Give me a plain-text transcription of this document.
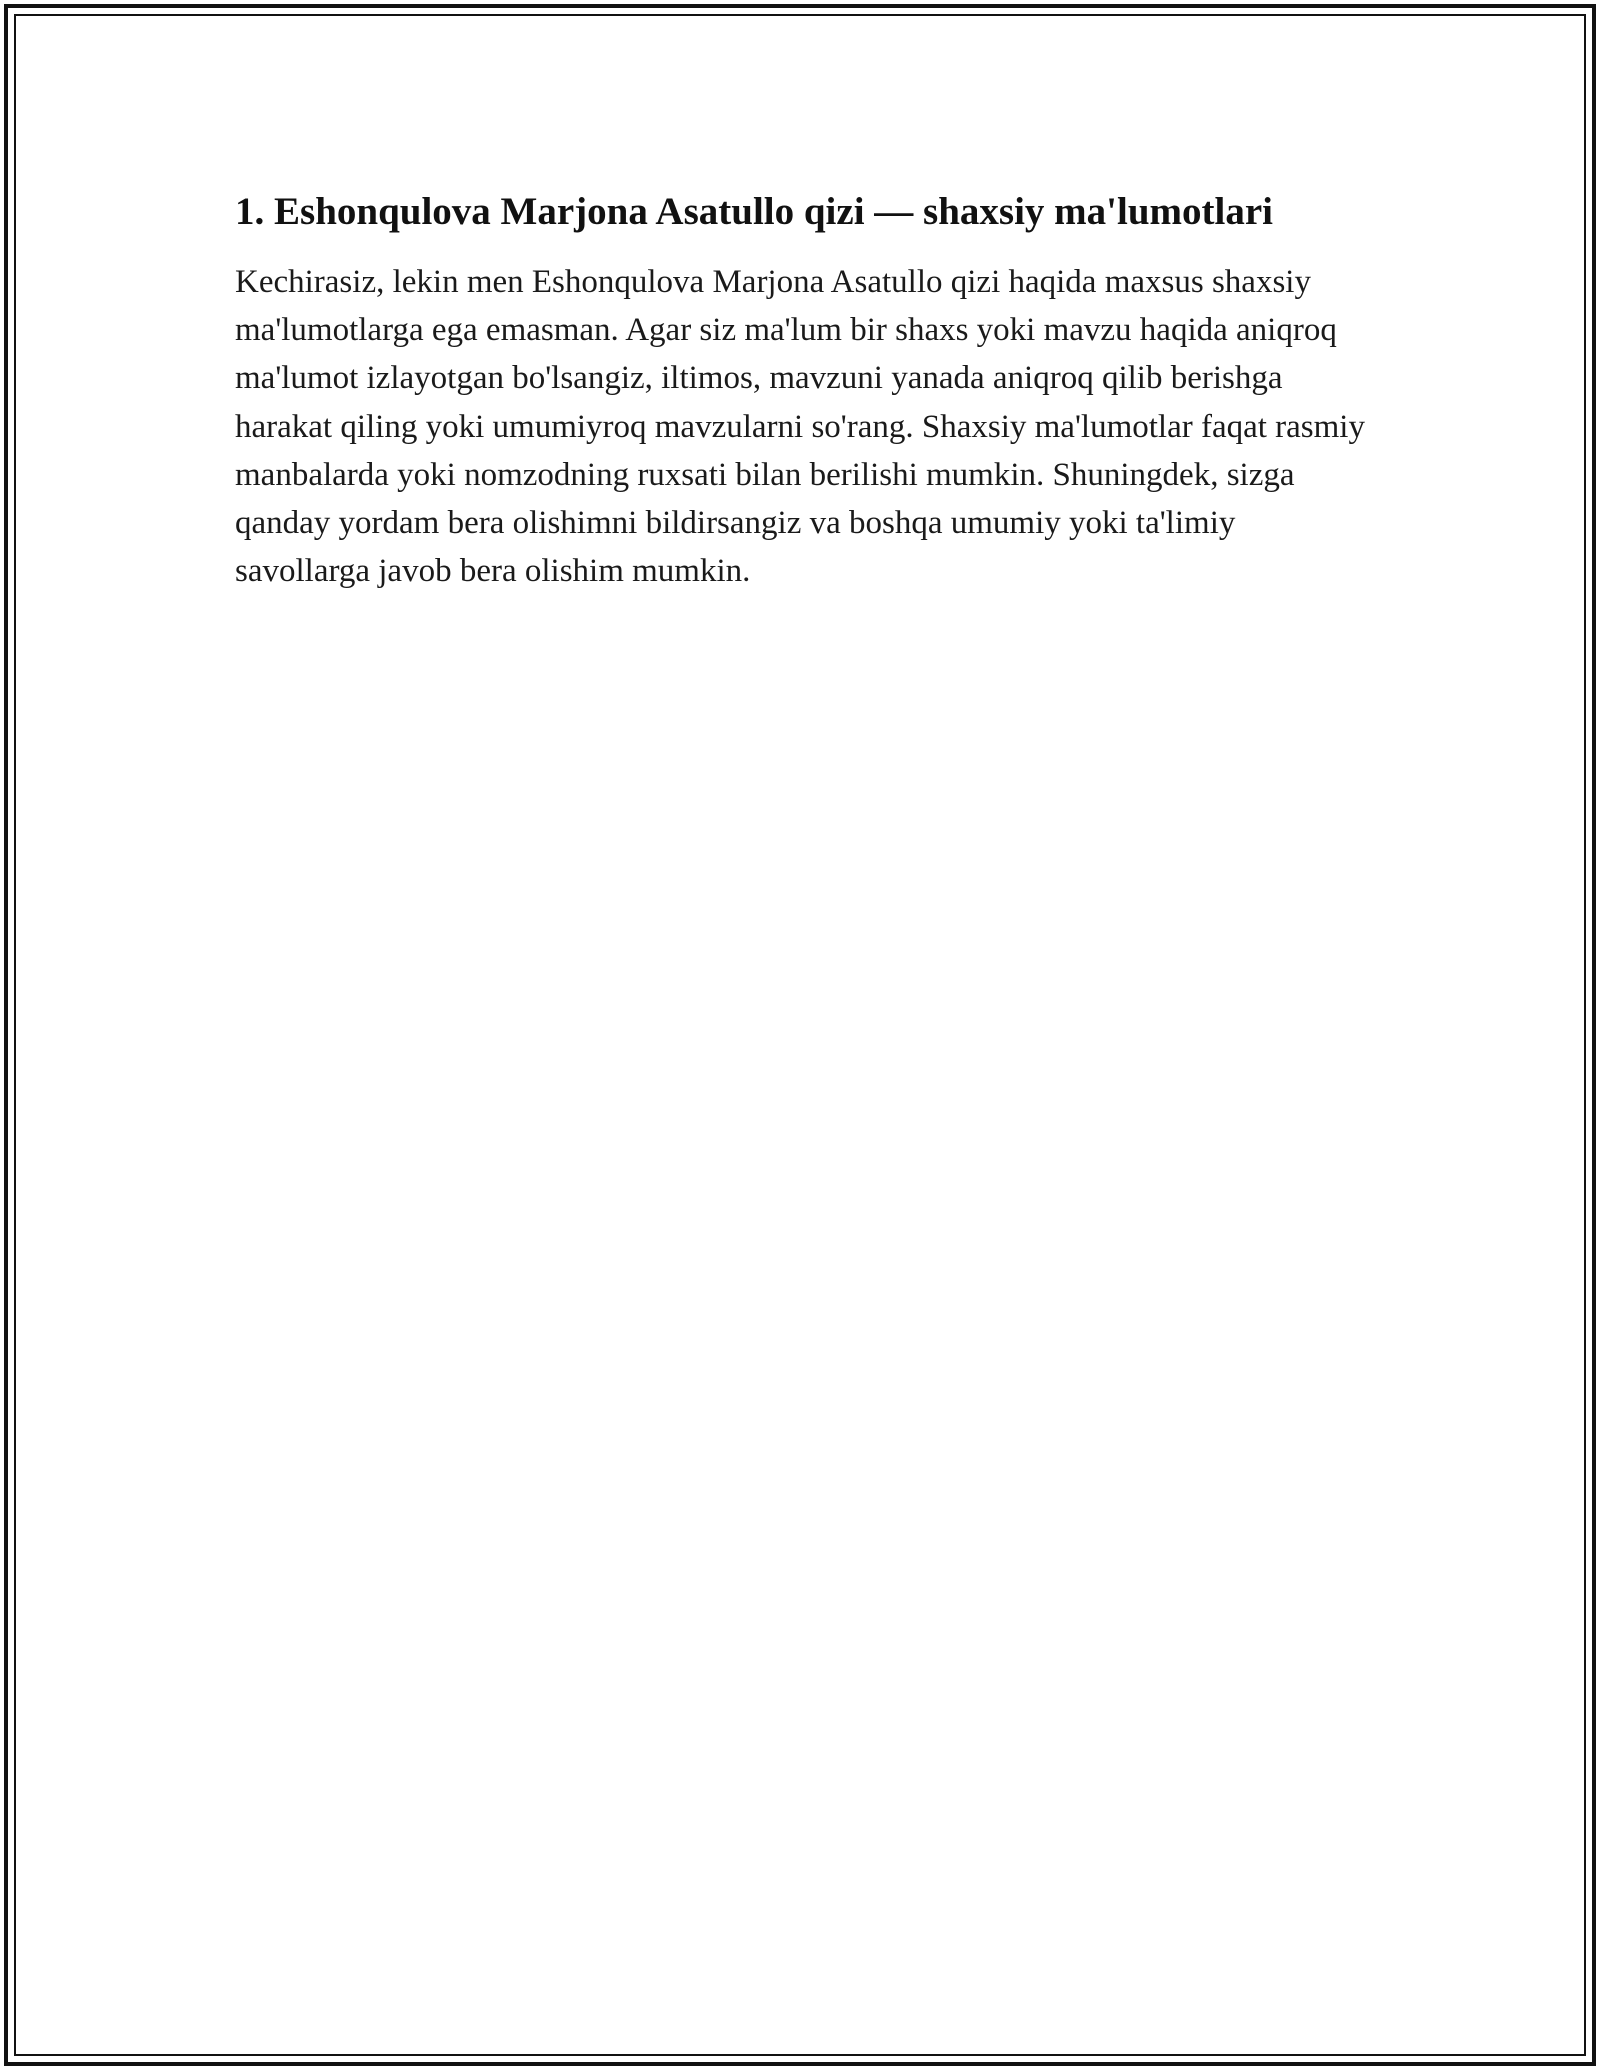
1. Eshonqulova Marjona Asatullo qizi — shaxsiy ma'lumotlari

Kechirasiz, lekin men Eshonqulova Marjona Asatullo qizi haqida maxsus shaxsiy ma'lumotlarga ega emasman. Agar siz ma'lum bir shaxs yoki mavzu haqida aniqroq ma'lumot izlayotgan bo'lsangiz, iltimos, mavzuni yanada aniqroq qilib berishga harakat qiling yoki umumiyroq mavzularni so'rang. Shaxsiy ma'lumotlar faqat rasmiy manbalarda yoki nomzodning ruxsati bilan berilishi mumkin. Shuningdek, sizga qanday yordam bera olishimni bildirsangiz va boshqa umumiy yoki ta'limiy savollarga javob bera olishim mumkin.
